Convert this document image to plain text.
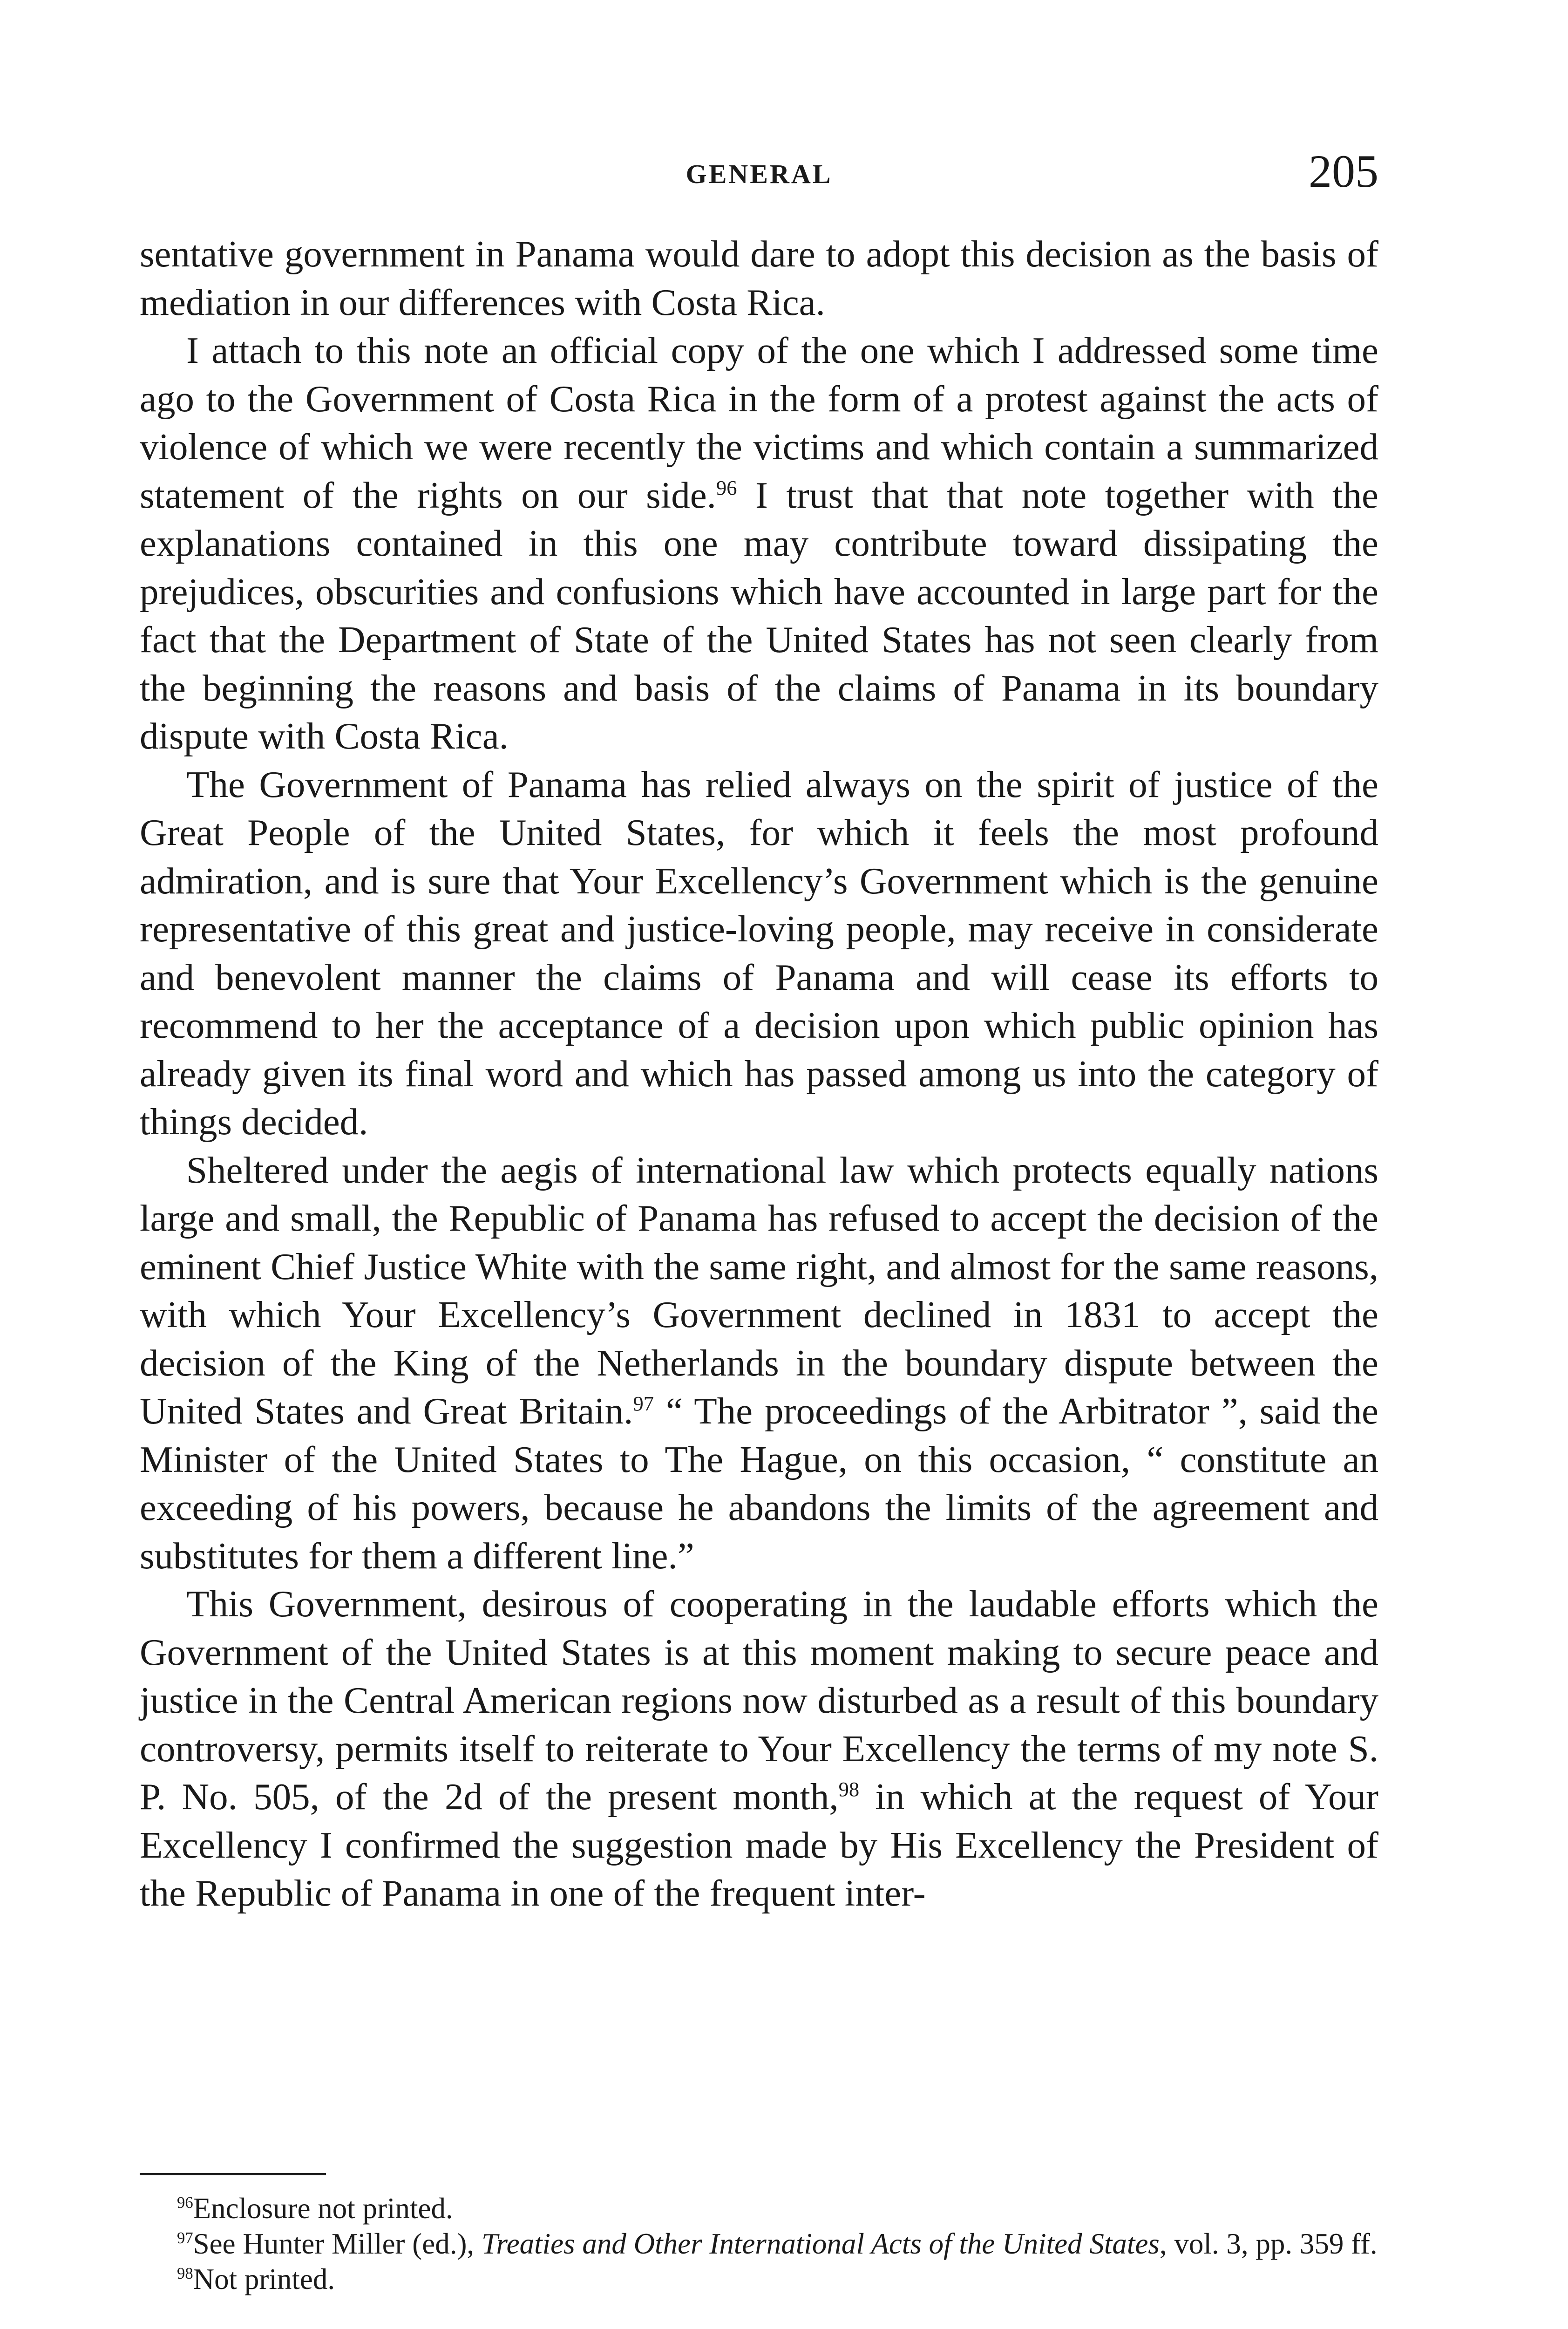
GENERAL	205

sentative government in Panama would dare to adopt this decision as the basis of mediation in our differences with Costa Rica.

I attach to this note an official copy of the one which I addressed some time ago to the Government of Costa Rica in the form of a protest against the acts of violence of which we were recently the victims and which contain a summarized statement of the rights on our side.$^{96}$ I trust that that note together with the explanations contained in this one may contribute toward dissipating the prejudices, obscurities and confusions which have accounted in large part for the fact that the Department of State of the United States has not seen clearly from the beginning the reasons and basis of the claims of Panama in its boundary dispute with Costa Rica.

The Government of Panama has relied always on the spirit of justice of the Great People of the United States, for which it feels the most profound admiration, and is sure that Your Excellency’s Government which is the genuine representative of this great and justice-loving people, may receive in considerate and benevolent manner the claims of Panama and will cease its efforts to recommend to her the acceptance of a decision upon which public opinion has already given its final word and which has passed among us into the category of things decided.

Sheltered under the aegis of international law which protects equally nations large and small, the Republic of Panama has refused to accept the decision of the eminent Chief Justice White with the same right, and almost for the same reasons, with which Your Excellency’s Government declined in 1831 to accept the decision of the King of the Netherlands in the boundary dispute between the United States and Great Britain.$^{97}$ “ The proceedings of the Arbitrator ”, said the Minister of the United States to The Hague, on this occasion, “ constitute an exceeding of his powers, because he abandons the limits of the agreement and substitutes for them a different line.”

This Government, desirous of cooperating in the laudable efforts which the Government of the United States is at this moment making to secure peace and justice in the Central American regions now disturbed as a result of this boundary controversy, permits itself to reiterate to Your Excellency the terms of my note S. P. No. 505, of the 2d of the present month,$^{98}$ in which at the request of Your Excellency I confirmed the suggestion made by His Excellency the President of the Republic of Panama in one of the frequent inter-

$^{96}$Enclosure not printed.

$^{97}$See Hunter Miller (ed.), Treaties and Other International Acts of the United States, vol. 3, pp. 359 ff.

$^{98}$Not printed.
